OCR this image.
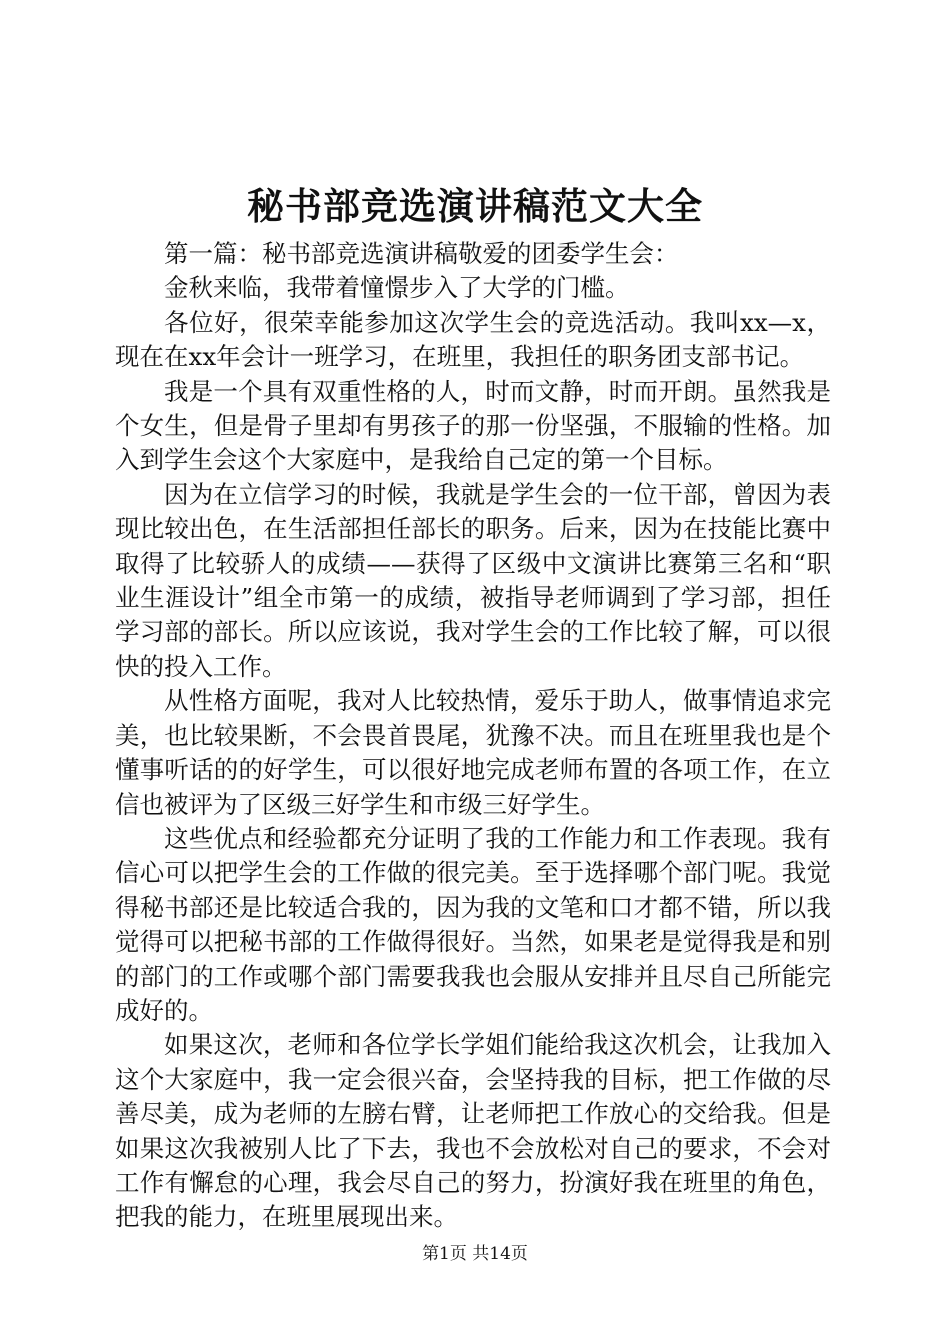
秘书部竞选演讲稿范文大全

第一篇：秘书部竞选演讲稿敬爱的团委学生会：

金秋来临，我带着憧憬步入了大学的门槛。

各位好，很荣幸能参加这次学生会的竞选活动。我叫xx—x，现在在xx年会计一班学习，在班里，我担任的职务团支部书记。

我是一个具有双重性格的人，时而文静，时而开朗。虽然我是个女生，但是骨子里却有男孩子的那一份坚强，不服输的性格。加入到学生会这个大家庭中，是我给自己定的第一个目标。

因为在立信学习的时候，我就是学生会的一位干部，曾因为表现比较出色，在生活部担任部长的职务。后来，因为在技能比赛中取得了比较骄人的成绩——获得了区级中文演讲比赛第三名和“职业生涯设计”组全市第一的成绩，被指导老师调到了学习部，担任学习部的部长。所以应该说，我对学生会的工作比较了解，可以很快的投入工作。

从性格方面呢，我对人比较热情，爱乐于助人，做事情追求完美，也比较果断，不会畏首畏尾，犹豫不决。而且在班里我也是个懂事听话的的好学生，可以很好地完成老师布置的各项工作，在立信也被评为了区级三好学生和市级三好学生。

这些优点和经验都充分证明了我的工作能力和工作表现。我有信心可以把学生会的工作做的很完美。至于选择哪个部门呢。我觉得秘书部还是比较适合我的，因为我的文笔和口才都不错，所以我觉得可以把秘书部的工作做得很好。当然，如果老是觉得我是和别的部门的工作或哪个部门需要我我也会服从安排并且尽自己所能完成好的。

如果这次，老师和各位学长学姐们能给我这次机会，让我加入这个大家庭中，我一定会很兴奋，会坚持我的目标，把工作做的尽善尽美，成为老师的左膀右臂，让老师把工作放心的交给我。但是如果这次我被别人比了下去，我也不会放松对自己的要求，不会对工作有懈怠的心理，我会尽自己的努力，扮演好我在班里的角色，把我的能力，在班里展现出来。

第1页 共14页
